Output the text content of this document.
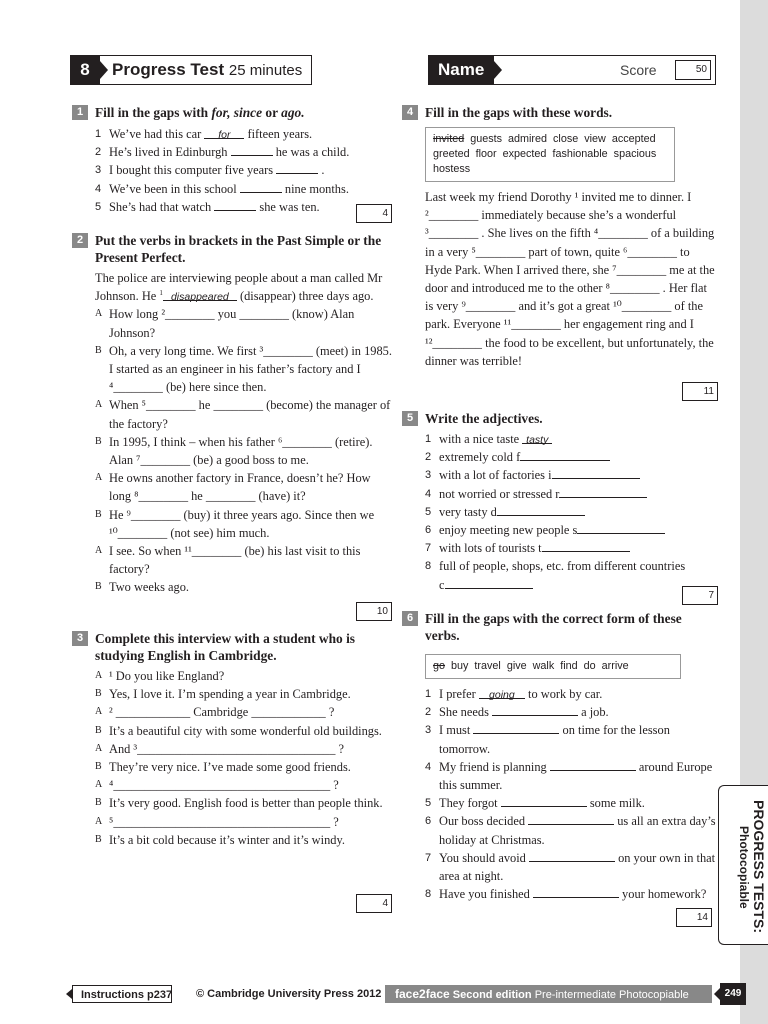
PROGRESS TESTS:
Photocopiable
8	Progress Test 25 minutes	Name	Score	50
1 Fill in the gaps with for, since or ago.
1 We’ve had this car for fifteen years.
2 He’s lived in Edinburgh	he was a child.
3 I bought this computer five years	.
4 We’ve been in this school	nine months.
5 She’s had that watch	she was ten.	4
2 Put the verbs in brackets in the Past Simple or the Present Perfect.
The police are interviewing people about a man called Mr Johnson. He $^1$ disappeared (disappear) three days ago.
A How long ²________ you ________ (know) Alan Johnson?
B Oh, a very long time. We first ³________ (meet) in 1985. I started as an engineer in his father’s factory and I ⁴________ (be) here since then.
A When ⁵________ he ________ (become) the manager of the factory?
B In 1995, I think – when his father ⁶________ (retire). Alan ⁷________ (be) a good boss to me.
A He owns another factory in France, doesn’t he? How long ⁸________ he ________ (have) it?
B He ⁹________ (buy) it three years ago. Since then we ¹⁰________ (not see) him much.
A I see. So when ¹¹________ (be) his last visit to this factory?
B Two weeks ago.
10
3 Complete this interview with a student who is studying English in Cambridge.
A ¹ Do you like England?
B Yes, I love it. I’m spending a year in Cambridge.
A ² ____________ Cambridge ____________ ?
B It’s a beautiful city with some wonderful old buildings.
A And ³________________________________ ?
B They’re very nice. I’ve made some good friends.
A ⁴___________________________________ ?
B It’s very good. English food is better than people think.
A ⁵___________________________________ ?
B It’s a bit cold because it’s winter and it’s windy.
4
4 Fill in the gaps with these words.
invited guests admired close view accepted greeted floor expected fashionable spacious hostess
Last week my friend Dorothy ¹ invited me to dinner. I ²________ immediately because she’s a wonderful ³________ . She lives on the fifth ⁴________ of a building in a very ⁵________ part of town, quite ⁶________ to Hyde Park. When I arrived there, she ⁷________ me at the door and introduced me to the other ⁸________ . Her flat is very ⁹________ and it’s got a great ¹⁰________ of the park. Everyone ¹¹________ her engagement ring and I ¹²________ the food to be excellent, but unfortunately, the dinner was terrible!
11
5 Write the adjectives.
1 with a nice taste tasty
2 extremely cold f
3 with a lot of factories i
4 not worried or stressed r
5 very tasty d
6 enjoy meeting new people s
7 with lots of tourists t
8 full of people, shops, etc. from different countries
c
7
6 Fill in the gaps with the correct form of these verbs.
go buy travel give walk find do arrive
1 I prefer going to work by car.
2 She needs	a job.
3 I must	on time for the lesson tomorrow.
4 My friend is planning	around Europe this summer.
5 They forgot	some milk.
6 Our boss decided	us all an extra day’s holiday at Christmas.
7 You should avoid	on your own in that area at night.
8 Have you finished	your homework?
14
Instructions p237 © Cambridge University Press 2012	face2face Second edition Pre-intermediate Photocopiable	249
